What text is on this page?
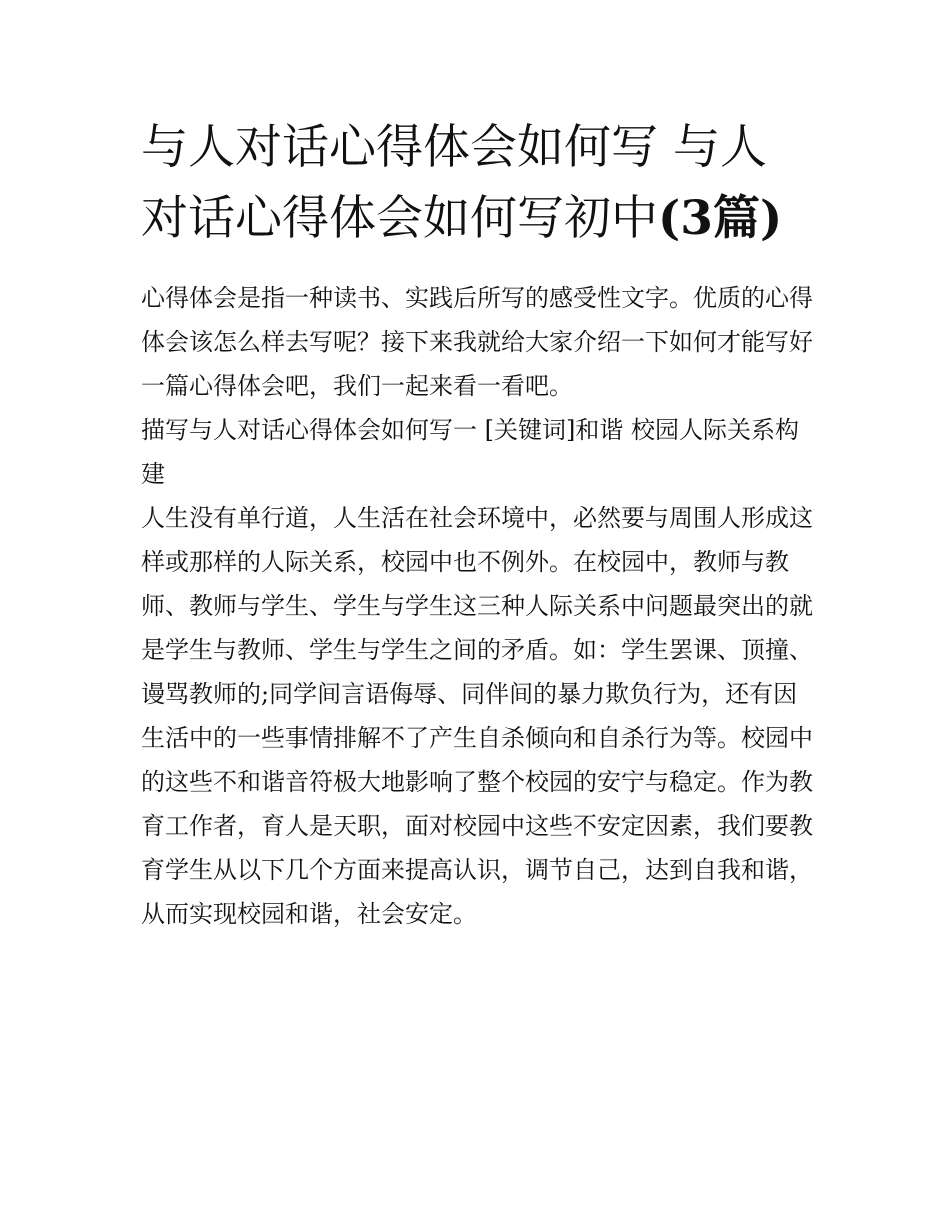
与人对话心得体会如何写 与人对话心得体会如何写初中(3篇)

心得体会是指一种读书、实践后所写的感受性文字。优质的心得体会该怎么样去写呢？接下来我就给大家介绍一下如何才能写好一篇心得体会吧，我们一起来看一看吧。

描写与人对话心得体会如何写一 [关键词]和谐 校园人际关系构建

人生没有单行道，人生活在社会环境中，必然要与周围人形成这样或那样的人际关系，校园中也不例外。在校园中，教师与教师、教师与学生、学生与学生这三种人际关系中问题最突出的就是学生与教师、学生与学生之间的矛盾。如：学生罢课、顶撞、谩骂教师的;同学间言语侮辱、同伴间的暴力欺负行为，还有因生活中的一些事情排解不了产生自杀倾向和自杀行为等。校园中的这些不和谐音符极大地影响了整个校园的安宁与稳定。作为教育工作者，育人是天职，面对校园中这些不安定因素，我们要教育学生从以下几个方面来提高认识，调节自己，达到自我和谐，从而实现校园和谐，社会安定。
